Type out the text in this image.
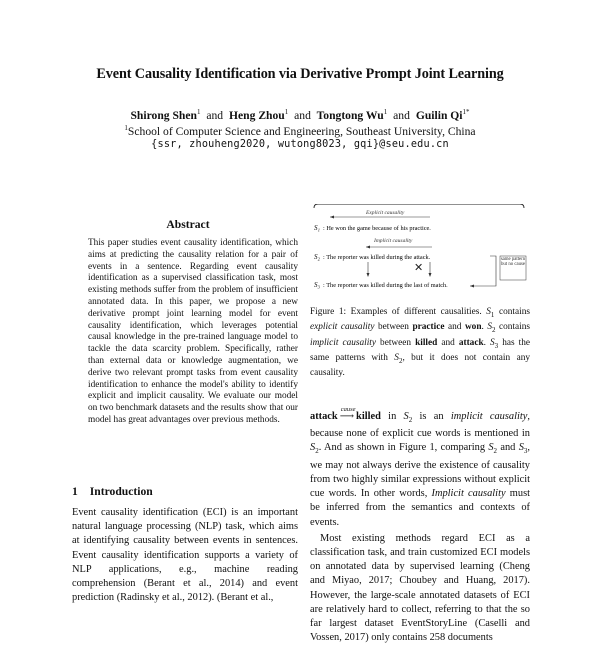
Event Causality Identification via Derivative Prompt Joint Learning
Shirong Shen$^1$ and Heng Zhou$^1$ and Tongtong Wu$^1$ and Guilin $Qi^{1*}$
$^1$School of Computer Science and Engineering, Southeast University, China
{ssr, zhouheng2020, wutong8023, gqi}@seu.edu.cn
Abstract
This paper studies event causality identification, which aims at predicting the causality relation for a pair of events in a sentence. Regarding event causality identification as a supervised classification task, most existing methods suffer from the problem of insufficient annotated data. In this paper, we propose a new derivative prompt joint learning model for event causality identification, which leverages potential causal knowledge in the pre-trained language model to tackle the data scarcity problem. Specifically, rather than external data or knowledge augmentation, we derive two relevant prompt tasks from event causality identification to enhance the model's ability to identify explicit and implicit causality. We evaluate our model on two benchmark datasets and the results show that our model has great advantages over previous methods.
1 Introduction
Event causality identification (ECI) is an important natural language processing (NLP) task, which aims at identifying causality between events in sentences. Event causality identification supports a variety of NLP applications, e.g., machine reading comprehension (Berant et al., 2014) and event prediction (Radinsky et al., 2012). (Berant et al.,
Explicit causality
S₁ : He won the game because of his practice.
Implicit causality
S₂ : The reporter was killed during the attack.
✕
S₃ : The reporter was killed during the last of match.
same pattern but no cause
Figure 1: Examples of different causalities. $S_1$ contains explicit causality between practice and won. $S_2$ contains implicit causality between killed and attack. $S_3$ has the same patterns with $S_2$, but it does not contain any causality.

attack
cause
⟶ killed in $S_2$ is an implicit causality, because none of explicit cue words is mentioned in $S_2$. And as shown in Figure 1, comparing $S_2$ and $S_3$, we may not always derive the existence of causality from two highly similar expressions without explicit cue words. In other words, Implicit causality must be inferred from the semantics and contexts of events.

Most existing methods regard ECI as a classification task, and train customized ECI models on annotated data by supervised learning (Cheng and Miyao, 2017; Choubey and Huang, 2017). However, the large-scale annotated datasets of ECI are relatively hard to collect, referring to that the so far largest dataset EventStoryLine (Caselli and Vossen, 2017) only contains 258 documents
